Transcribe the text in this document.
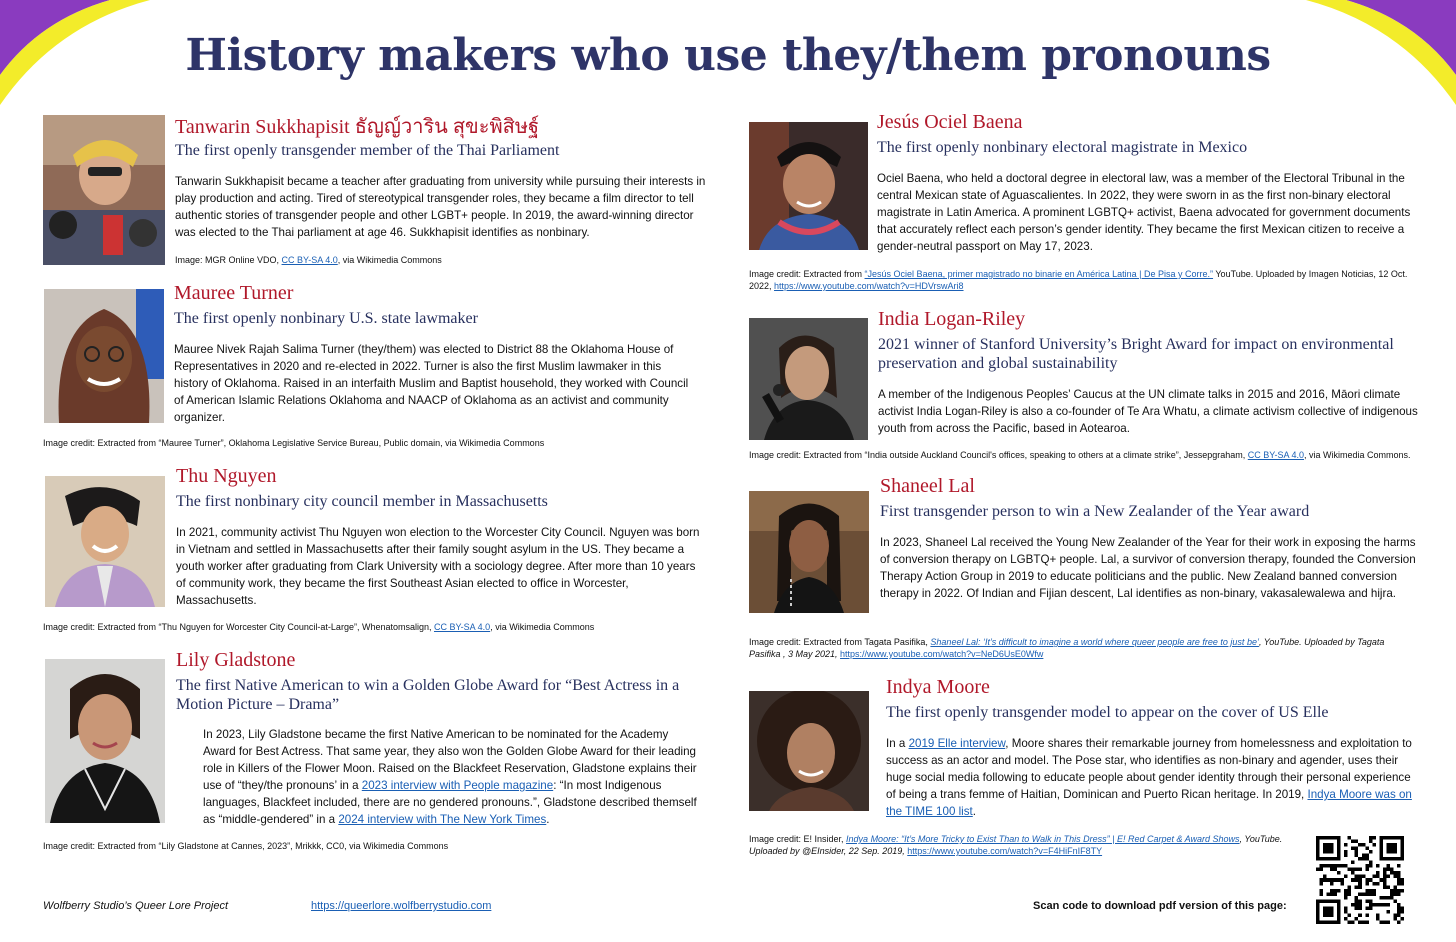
History makers who use they/them pronouns
Tanwarin Sukkhapisit ธัญญ์วาริน สุขะพิสิษฐ์
The first openly transgender member of the Thai Parliament
Tanwarin Sukkhapisit became a teacher after graduating from university while pursuing their interests in play production and acting. Tired of stereotypical transgender roles, they became a film director to tell authentic stories of transgender people and other LGBT+ people. In 2019, the award-winning director was elected to the Thai parliament at age 46. Sukkhapisit identifies as nonbinary.
Image: MGR Online VDO, CC BY-SA 4.0, via Wikimedia Commons
Mauree Turner
The first openly nonbinary U.S. state lawmaker
Mauree Nivek Rajah Salima Turner (they/them) was elected to District 88 the Oklahoma House of Representatives in 2020 and re-elected in 2022. Turner is also the first Muslim lawmaker in this history of Oklahoma. Raised in an interfaith Muslim and Baptist household, they worked with Council of American Islamic Relations Oklahoma and NAACP of Oklahoma as an activist and community organizer.
Image credit: Extracted from “Mauree Turner”, Oklahoma Legislative Service Bureau, Public domain, via Wikimedia Commons
Thu Nguyen
The first nonbinary city council member in Massachusetts
In 2021, community activist Thu Nguyen won election to the Worcester City Council. Nguyen was born in Vietnam and settled in Massachusetts after their family sought asylum in the US. They became a youth worker after graduating from Clark University with a sociology degree. After more than 10 years of community work, they became the first Southeast Asian elected to office in Worcester, Massachusetts.
Image credit: Extracted from “Thu Nguyen for Worcester City Council-at-Large”, Whenatomsalign, CC BY-SA 4.0, via Wikimedia Commons
Lily Gladstone
The first Native American to win a Golden Globe Award for “Best Actress in a Motion Picture – Drama”
In 2023, Lily Gladstone became the first Native American to be nominated for the Academy Award for Best Actress. That same year, they also won the Golden Globe Award for their leading role in Killers of the Flower Moon. Raised on the Blackfeet Reservation, Gladstone explains their use of “they/the pronouns’ in a 2023 interview with People magazine: “In most Indigenous languages, Blackfeet included, there are no gendered pronouns.”, Gladstone described themself as “middle-gendered” in a 2024 interview with The New York Times.
Image credit: Extracted from “Lily Gladstone at Cannes, 2023”, Mrikkk, CC0, via Wikimedia Commons
Jesús Ociel Baena
The first openly nonbinary electoral magistrate in Mexico
Ociel Baena, who held a doctoral degree in electoral law, was a member of the Electoral Tribunal in the central Mexican state of Aguascalientes. In 2022, they were sworn in as the first non-binary electoral magistrate in Latin America. A prominent LGBTQ+ activist, Baena advocated for government documents that accurately reflect each person’s gender identity. They became the first Mexican citizen to receive a gender-neutral passport on May 17, 2023.
Image credit: Extracted from “Jesús Ociel Baena, primer magistrado no binarie en América Latina | De Pisa y Corre.” YouTube. Uploaded by Imagen Noticias, 12 Oct. 2022, https://www.youtube.com/watch?v=HDVrswAri8
India Logan-Riley
2021 winner of Stanford University’s Bright Award for impact on environmental preservation and global sustainability
A member of the Indigenous Peoples’ Caucus at the UN climate talks in 2015 and 2016, Māori climate activist India Logan-Riley is also a co-founder of Te Ara Whatu, a climate activism collective of indigenous youth from across the Pacific, based in Aotearoa.
Image credit: Extracted from “India outside Auckland Council's offices, speaking to others at a climate strike”, Jessepgraham, CC BY-SA 4.0, via Wikimedia Commons.
Shaneel Lal
First transgender person to win a New Zealander of the Year award
In 2023, Shaneel Lal received the Young New Zealander of the Year for their work in exposing the harms of conversion therapy on LGBTQ+ people. Lal, a survivor of conversion therapy, founded the Conversion Therapy Action Group in 2019 to educate politicians and the public. New Zealand banned conversion therapy in 2022. Of Indian and Fijian descent, Lal identifies as non-binary, vakasalewalewa and hijra.
Image credit: Extracted from Tagata Pasifika, Shaneel Lal: ‘It’s difficult to imagine a world where queer people are free to just be’, YouTube. Uploaded by Tagata Pasifika , 3 May 2021, https://www.youtube.com/watch?v=NeD6UsE0Wfw
Indya Moore
The first openly transgender model to appear on the cover of US Elle
In a 2019 Elle interview, Moore shares their remarkable journey from homelessness and exploitation to success as an actor and model. The Pose star, who identifies as non-binary and agender, uses their huge social media following to educate people about gender identity through their personal experience of being a trans femme of Haitian, Dominican and Puerto Rican heritage. In 2019, Indya Moore was on the TIME 100 list.
Image credit: E! Insider, Indya Moore: “It’s More Tricky to Exist Than to Walk in This Dress” | E! Red Carpet & Award Shows, YouTube. Uploaded by @EInsider, 22 Sep. 2019, https://www.youtube.com/watch?v=F4HiFnIF8TY
Wolfberry Studio’s Queer Lore Project	https://queerlore.wolfberrystudio.com	Scan code to download pdf version of this page:
